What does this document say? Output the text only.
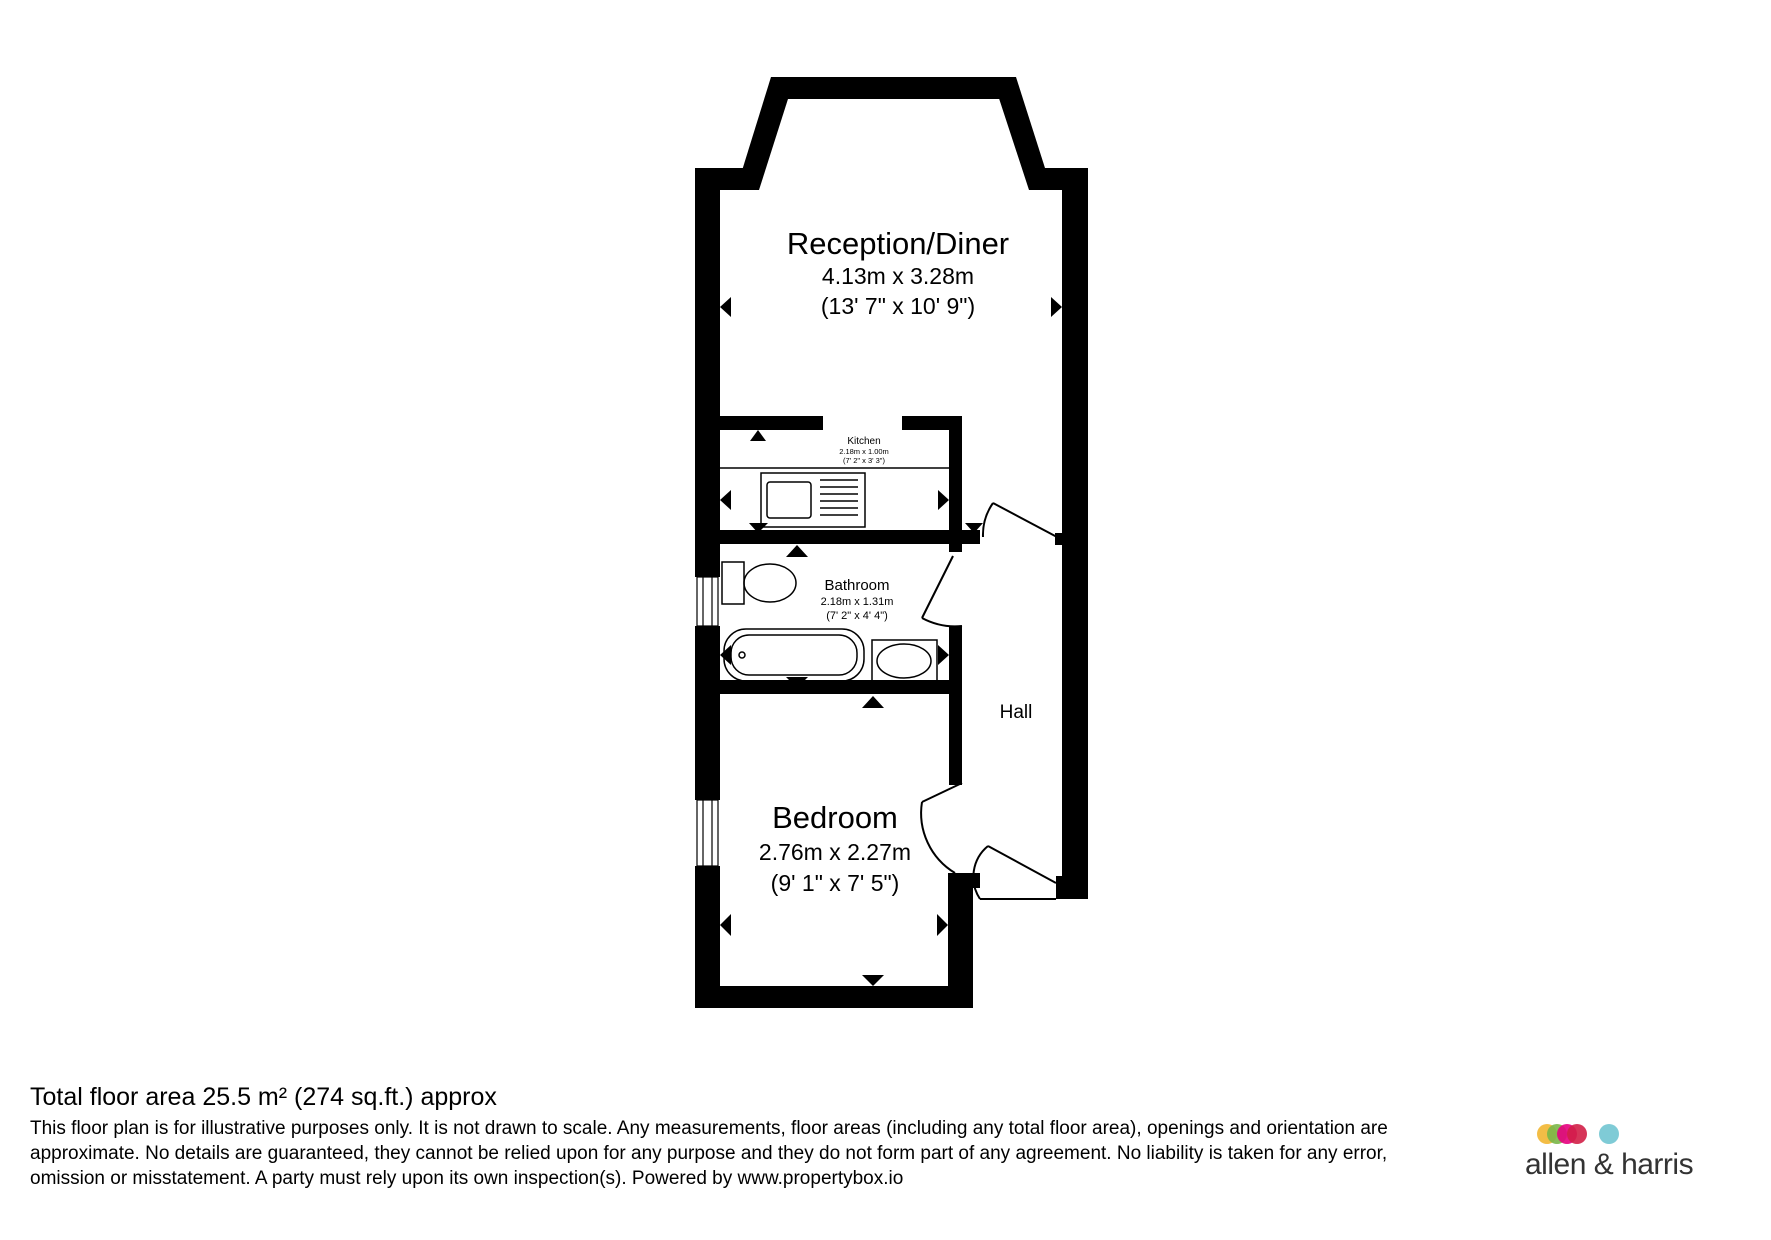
Reception/Diner
4.13m x 3.28m
(13' 7" x 10' 9")
Kitchen
2.18m x 1.00m
(7' 2" x 3' 3")
Bathroom
2.18m x 1.31m
(7' 2" x 4' 4")
Hall
Bedroom
2.76m x 2.27m
(9' 1" x 7' 5")
Total floor area 25.5 m² (274 sq.ft.) approx
This floor plan is for illustrative purposes only. It is not drawn to scale. Any measurements, floor areas (including any total floor area), openings and orientation are approximate. No details are guaranteed, they cannot be relied upon for any purpose and they do not form part of any agreement. No liability is taken for any error, omission or misstatement. A party must rely upon its own inspection(s). Powered by www.propertybox.io	allen & harris
